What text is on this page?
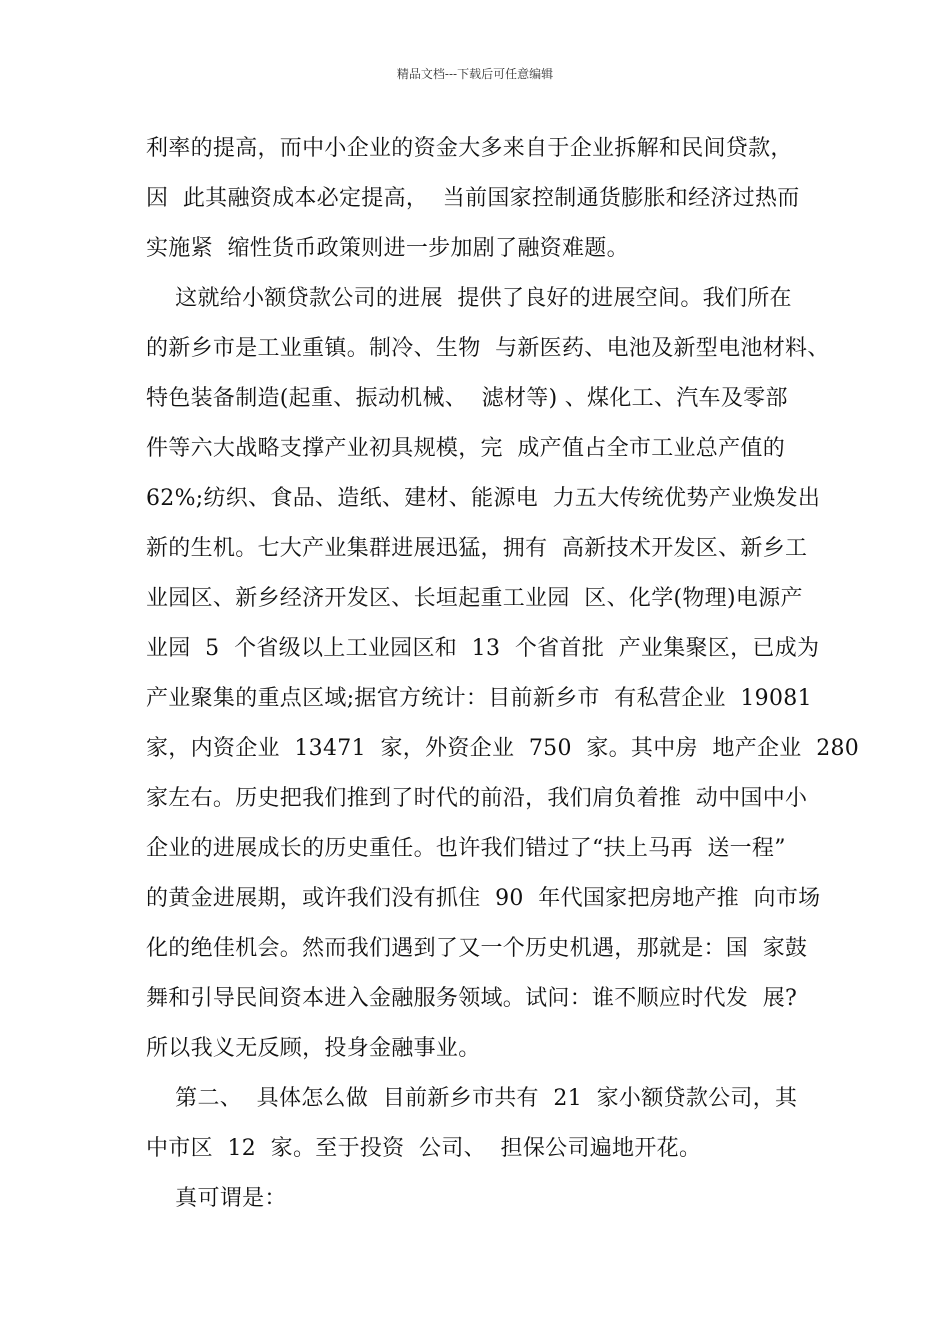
精品文档---下载后可任意编辑
利率的提高，而中小企业的资金大多来自于企业拆解和民间贷款，
因  此其融资成本必定提高，  当前国家控制通货膨胀和经济过热而
实施紧  缩性货币政策则进一步加剧了融资难题。
这就给小额贷款公司的进展  提供了良好的进展空间。我们所在
的新乡市是工业重镇。制冷、生物  与新医药、电池及新型电池材料、
特色装备制造(起重、振动机械、  滤材等) 、煤化工、汽车及零部
件等六大战略支撑产业初具规模，完  成产值占全市工业总产值的
62%;纺织、食品、造纸、建材、能源电  力五大传统优势产业焕发出
新的生机。七大产业集群进展迅猛，拥有  高新技术开发区、新乡工
业园区、新乡经济开发区、长垣起重工业园  区、化学(物理)电源产
业园  5  个省级以上工业园区和  13  个省首批  产业集聚区，已成为
产业聚集的重点区域;据官方统计：目前新乡市  有私营企业  19081
家，内资企业  13471  家，外资企业  750  家。其中房  地产企业  280
家左右。历史把我们推到了时代的前沿，我们肩负着推  动中国中小
企业的进展成长的历史重任。也许我们错过了“扶上马再  送一程”
的黄金进展期，或许我们没有抓住  90  年代国家把房地产推  向市场
化的绝佳机会。然而我们遇到了又一个历史机遇，那就是：国  家鼓
舞和引导民间资本进入金融服务领域。试问：谁不顺应时代发  展?
所以我义无反顾，投身金融事业。
第二、  具体怎么做  目前新乡市共有  21  家小额贷款公司，其
中市区  12  家。至于投资  公司、  担保公司遍地开花。
真可谓是：
